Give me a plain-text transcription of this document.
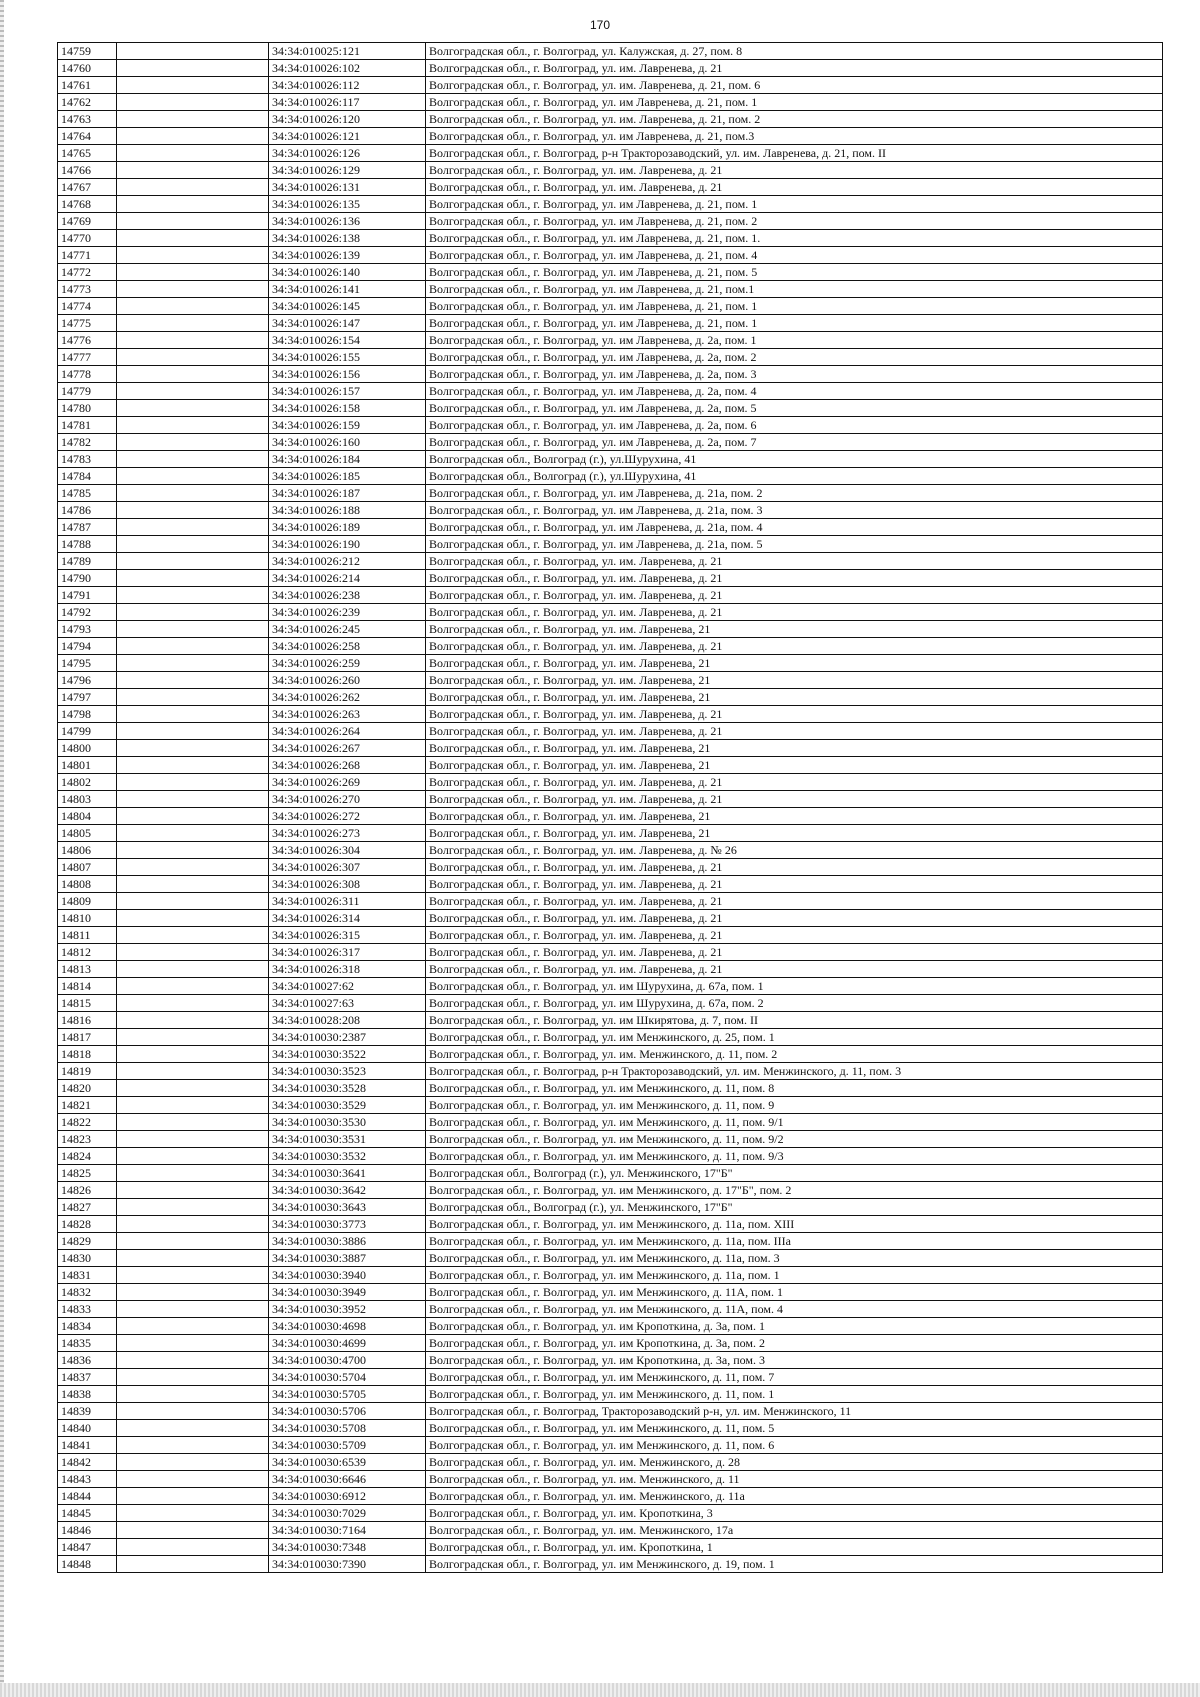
170
14759		34:34:010025:121	Волгоградская обл., г. Волгоград, ул. Калужская, д. 27, пом. 8
14760		34:34:010026:102	Волгоградская обл., г. Волгоград, ул. им. Лавренева, д. 21
14761		34:34:010026:112	Волгоградская обл., г. Волгоград, ул. им. Лавренева, д. 21, пом. 6
14762		34:34:010026:117	Волгоградская обл., г. Волгоград, ул. им Лавренева, д. 21, пом. 1
14763		34:34:010026:120	Волгоградская обл., г. Волгоград, ул. им. Лавренева, д. 21, пом. 2
14764		34:34:010026:121	Волгоградская обл., г. Волгоград, ул. им Лавренева, д. 21, пом.3
14765		34:34:010026:126	Волгоградская обл., г. Волгоград, р-н Тракторозаводский, ул. им. Лавренева, д. 21, пом. II
14766		34:34:010026:129	Волгоградская обл., г. Волгоград, ул. им. Лавренева, д. 21
14767		34:34:010026:131	Волгоградская обл., г. Волгоград, ул. им. Лавренева, д. 21
14768		34:34:010026:135	Волгоградская обл., г. Волгоград, ул. им Лавренева, д. 21, пом. 1
14769		34:34:010026:136	Волгоградская обл., г. Волгоград, ул. им Лавренева, д. 21, пом. 2
14770		34:34:010026:138	Волгоградская обл., г. Волгоград, ул. им Лавренева, д. 21, пом. 1.
14771		34:34:010026:139	Волгоградская обл., г. Волгоград, ул. им Лавренева, д. 21, пом. 4
14772		34:34:010026:140	Волгоградская обл., г. Волгоград, ул. им Лавренева, д. 21, пом. 5
14773		34:34:010026:141	Волгоградская обл., г. Волгоград, ул. им Лавренева, д. 21, пом.1
14774		34:34:010026:145	Волгоградская обл., г. Волгоград, ул. им Лавренева, д. 21, пом. 1
14775		34:34:010026:147	Волгоградская обл., г. Волгоград, ул. им Лавренева, д. 21, пом. 1
14776		34:34:010026:154	Волгоградская обл., г. Волгоград, ул. им Лавренева, д. 2а, пом. 1
14777		34:34:010026:155	Волгоградская обл., г. Волгоград, ул. им Лавренева, д. 2а, пом. 2
14778		34:34:010026:156	Волгоградская обл., г. Волгоград, ул. им Лавренева, д. 2а, пом. 3
14779		34:34:010026:157	Волгоградская обл., г. Волгоград, ул. им Лавренева, д. 2а, пом. 4
14780		34:34:010026:158	Волгоградская обл., г. Волгоград, ул. им Лавренева, д. 2а, пом. 5
14781		34:34:010026:159	Волгоградская обл., г. Волгоград, ул. им Лавренева, д. 2а, пом. 6
14782		34:34:010026:160	Волгоградская обл., г. Волгоград, ул. им Лавренева, д. 2а, пом. 7
14783		34:34:010026:184	Волгоградская обл., Волгоград (г.), ул.Шурухина, 41
14784		34:34:010026:185	Волгоградская обл., Волгоград (г.), ул.Шурухина, 41
14785		34:34:010026:187	Волгоградская обл., г. Волгоград, ул. им Лавренева, д. 21а, пом. 2
14786		34:34:010026:188	Волгоградская обл., г. Волгоград, ул. им Лавренева, д. 21а, пом. 3
14787		34:34:010026:189	Волгоградская обл., г. Волгоград, ул. им Лавренева, д. 21а, пом. 4
14788		34:34:010026:190	Волгоградская обл., г. Волгоград, ул. им Лавренева, д. 21а, пом. 5
14789		34:34:010026:212	Волгоградская обл., г. Волгоград, ул. им. Лавренева, д. 21
14790		34:34:010026:214	Волгоградская обл., г. Волгоград, ул. им. Лавренева, д. 21
14791		34:34:010026:238	Волгоградская обл., г. Волгоград, ул. им. Лавренева, д. 21
14792		34:34:010026:239	Волгоградская обл., г. Волгоград, ул. им. Лавренева, д. 21
14793		34:34:010026:245	Волгоградская обл., г. Волгоград, ул. им. Лавренева, 21
14794		34:34:010026:258	Волгоградская обл., г. Волгоград, ул. им. Лавренева, д. 21
14795		34:34:010026:259	Волгоградская обл., г. Волгоград, ул. им. Лавренева, 21
14796		34:34:010026:260	Волгоградская обл., г. Волгоград, ул. им. Лавренева, 21
14797		34:34:010026:262	Волгоградская обл., г. Волгоград, ул. им. Лавренева, 21
14798		34:34:010026:263	Волгоградская обл., г. Волгоград, ул. им. Лавренева, д. 21
14799		34:34:010026:264	Волгоградская обл., г. Волгоград, ул. им. Лавренева, д. 21
14800		34:34:010026:267	Волгоградская обл., г. Волгоград, ул. им. Лавренева, 21
14801		34:34:010026:268	Волгоградская обл., г. Волгоград, ул. им. Лавренева, 21
14802		34:34:010026:269	Волгоградская обл., г. Волгоград, ул. им. Лавренева, д. 21
14803		34:34:010026:270	Волгоградская обл., г. Волгоград, ул. им. Лавренева, д. 21
14804		34:34:010026:272	Волгоградская обл., г. Волгоград, ул. им. Лавренева, 21
14805		34:34:010026:273	Волгоградская обл., г. Волгоград, ул. им. Лавренева, 21
14806		34:34:010026:304	Волгоградская обл., г. Волгоград, ул. им. Лавренева, д. № 26
14807		34:34:010026:307	Волгоградская обл., г. Волгоград, ул. им. Лавренева, д. 21
14808		34:34:010026:308	Волгоградская обл., г. Волгоград, ул. им. Лавренева, д. 21
14809		34:34:010026:311	Волгоградская обл., г. Волгоград, ул. им. Лавренева, д. 21
14810		34:34:010026:314	Волгоградская обл., г. Волгоград, ул. им. Лавренева, д. 21
14811		34:34:010026:315	Волгоградская обл., г. Волгоград, ул. им. Лавренева, д. 21
14812		34:34:010026:317	Волгоградская обл., г. Волгоград, ул. им. Лавренева, д. 21
14813		34:34:010026:318	Волгоградская обл., г. Волгоград, ул. им. Лавренева, д. 21
14814		34:34:010027:62	Волгоградская обл., г. Волгоград, ул. им Шурухина, д. 67а, пом. 1
14815		34:34:010027:63	Волгоградская обл., г. Волгоград, ул. им Шурухина, д. 67а, пом. 2
14816		34:34:010028:208	Волгоградская обл., г. Волгоград, ул. им Шкирятова, д. 7, пом. II
14817		34:34:010030:2387	Волгоградская обл., г. Волгоград, ул. им Менжинского, д. 25, пом. 1
14818		34:34:010030:3522	Волгоградская обл., г. Волгоград, ул. им. Менжинского, д. 11, пом. 2
14819		34:34:010030:3523	Волгоградская обл., г. Волгоград, р-н Тракторозаводский, ул. им. Менжинского, д. 11, пом. 3
14820		34:34:010030:3528	Волгоградская обл., г. Волгоград, ул. им Менжинского, д. 11, пом. 8
14821		34:34:010030:3529	Волгоградская обл., г. Волгоград, ул. им Менжинского, д. 11, пом. 9
14822		34:34:010030:3530	Волгоградская обл., г. Волгоград, ул. им Менжинского, д. 11, пом. 9/1
14823		34:34:010030:3531	Волгоградская обл., г. Волгоград, ул. им Менжинского, д. 11, пом. 9/2
14824		34:34:010030:3532	Волгоградская обл., г. Волгоград, ул. им Менжинского, д. 11, пом. 9/3
14825		34:34:010030:3641	Волгоградская обл., Волгоград (г.), ул. Менжинского, 17"Б"
14826		34:34:010030:3642	Волгоградская обл., г. Волгоград, ул. им Менжинского, д. 17"Б", пом. 2
14827		34:34:010030:3643	Волгоградская обл., Волгоград (г.), ул. Менжинского, 17"Б"
14828		34:34:010030:3773	Волгоградская обл., г. Волгоград, ул. им Менжинского, д. 11а, пом. XIII
14829		34:34:010030:3886	Волгоградская обл., г. Волгоград, ул. им Менжинского, д. 11а, пом. IIIа
14830		34:34:010030:3887	Волгоградская обл., г. Волгоград, ул. им Менжинского, д. 11а, пом. 3
14831		34:34:010030:3940	Волгоградская обл., г. Волгоград, ул. им Менжинского, д. 11а, пом. 1
14832		34:34:010030:3949	Волгоградская обл., г. Волгоград, ул. им Менжинского, д. 11А, пом. 1
14833		34:34:010030:3952	Волгоградская обл., г. Волгоград, ул. им Менжинского, д. 11А, пом. 4
14834		34:34:010030:4698	Волгоградская обл., г. Волгоград, ул. им Кропоткина, д. 3а, пом. 1
14835		34:34:010030:4699	Волгоградская обл., г. Волгоград, ул. им Кропоткина, д. 3а, пом. 2
14836		34:34:010030:4700	Волгоградская обл., г. Волгоград, ул. им Кропоткина, д. 3а, пом. 3
14837		34:34:010030:5704	Волгоградская обл., г. Волгоград, ул. им Менжинского, д. 11, пом. 7
14838		34:34:010030:5705	Волгоградская обл., г. Волгоград, ул. им Менжинского, д. 11, пом. 1
14839		34:34:010030:5706	Волгоградская обл., г. Волгоград, Тракторозаводский р-н, ул. им. Менжинского, 11
14840		34:34:010030:5708	Волгоградская обл., г. Волгоград, ул. им Менжинского, д. 11, пом. 5
14841		34:34:010030:5709	Волгоградская обл., г. Волгоград, ул. им Менжинского, д. 11, пом. 6
14842		34:34:010030:6539	Волгоградская обл., г. Волгоград, ул. им. Менжинского, д. 28
14843		34:34:010030:6646	Волгоградская обл., г. Волгоград, ул. им. Менжинского, д. 11
14844		34:34:010030:6912	Волгоградская обл., г. Волгоград, ул. им. Менжинского, д. 11а
14845		34:34:010030:7029	Волгоградская обл., г. Волгоград, ул. им. Кропоткина, 3
14846		34:34:010030:7164	Волгоградская обл., г. Волгоград, ул. им. Менжинского, 17а
14847		34:34:010030:7348	Волгоградская обл., г. Волгоград, ул. им. Кропоткина, 1
14848		34:34:010030:7390	Волгоградская обл., г. Волгоград, ул. им Менжинского, д. 19, пом. 1
